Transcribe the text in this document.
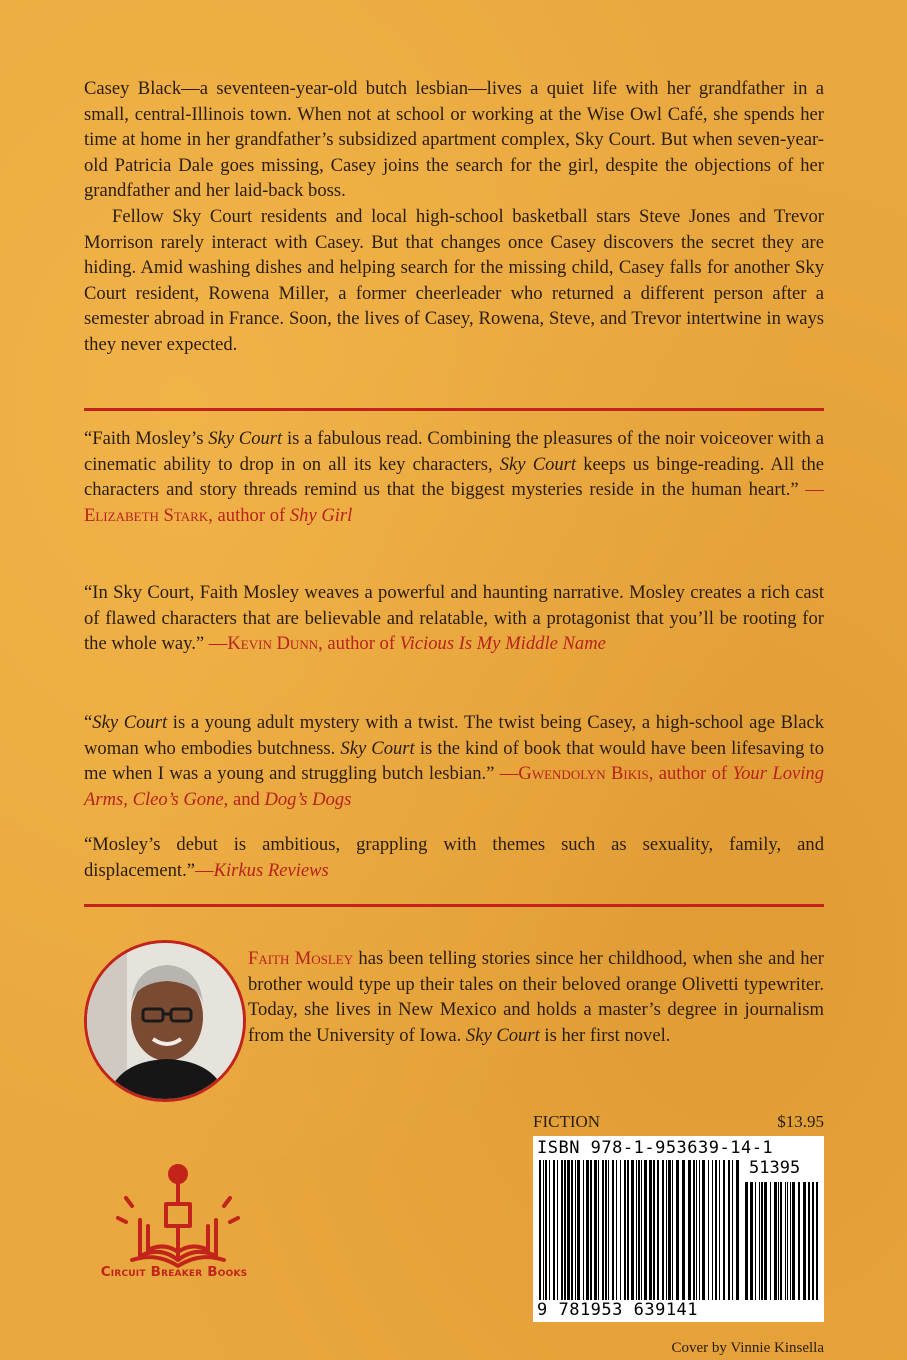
Casey Black—a seventeen-year-old butch lesbian—lives a quiet life with her grandfather in a small, central-Illinois town. When not at school or working at the Wise Owl Café, she spends her time at home in her grandfather’s subsidized apartment complex, Sky Court. But when seven-year-old Patricia Dale goes missing, Casey joins the search for the girl, despite the objections of her grandfather and her laid-back boss.

Fellow Sky Court residents and local high-school basketball stars Steve Jones and Trevor Morrison rarely interact with Casey. But that changes once Casey discovers the secret they are hiding. Amid washing dishes and helping search for the missing child, Casey falls for another Sky Court resident, Rowena Miller, a former cheerleader who returned a different person after a semester abroad in France. Soon, the lives of Casey, Rowena, Steve, and Trevor intertwine in ways they never expected.

“Faith Mosley’s Sky Court is a fabulous read. Combining the pleasures of the noir voiceover with a cinematic ability to drop in on all its key characters, Sky Court keeps us binge-reading. All the characters and story threads remind us that the biggest mysteries reside in the human heart.” —Elizabeth Stark, author of Shy Girl

“In Sky Court, Faith Mosley weaves a powerful and haunting narrative. Mosley creates a rich cast of flawed characters that are believable and relatable, with a protagonist that you’ll be rooting for the whole way.” —Kevin Dunn, author of Vicious Is My Middle Name

“Sky Court is a young adult mystery with a twist. The twist being Casey, a high-school age Black woman who embodies butchness. Sky Court is the kind of book that would have been lifesaving to me when I was a young and struggling butch lesbian.” —Gwendolyn Bikis, author of Your Loving Arms, Cleo’s Gone, and Dog’s Dogs

“Mosley’s debut is ambitious, grappling with themes such as sexuality, family, and displacement.”—Kirkus Reviews

Faith Mosley has been telling stories since her childhood, when she and her brother would type up their tales on their beloved orange Olivetti typewriter. Today, she lives in New Mexico and holds a master’s degree in journalism from the University of Iowa. Sky Court is her first novel.
Circuit Breaker Books
FICTION	$13.95
ISBN 978-1-953639-14-1
51395
9 781953 639141
Cover by Vinnie Kinsella
